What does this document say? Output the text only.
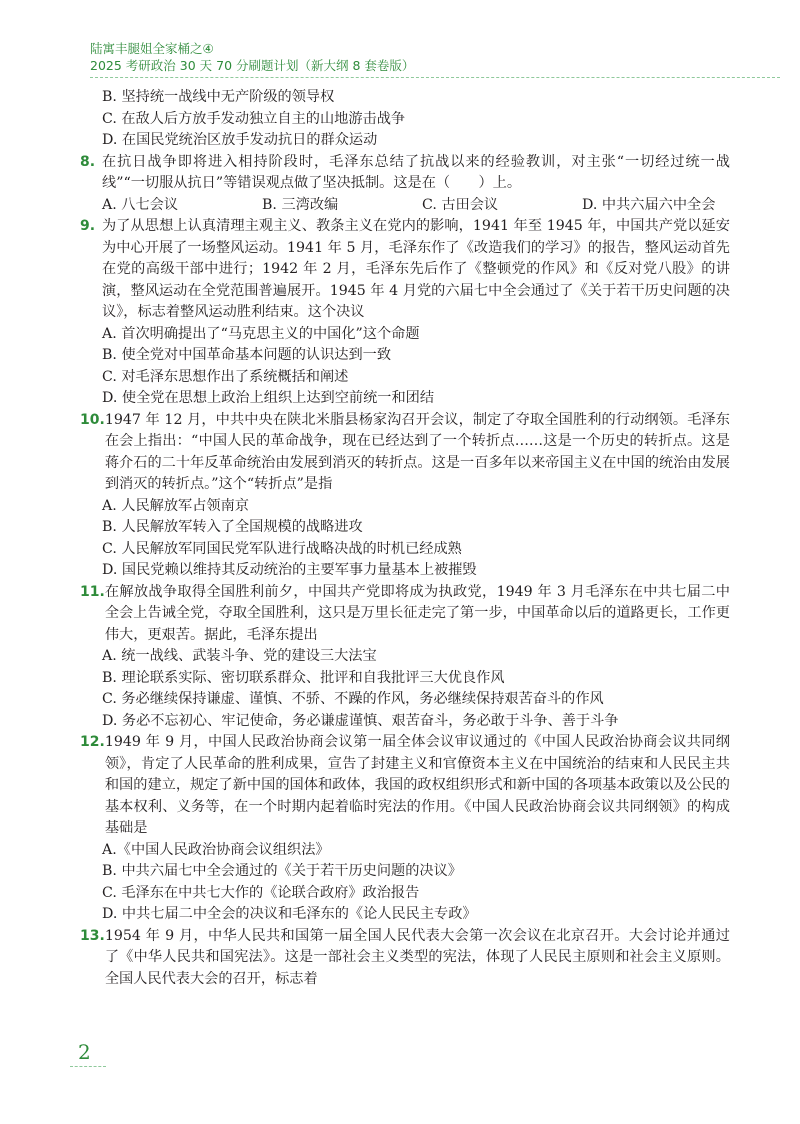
陆寓丰腿姐全家桶之④
2025 考研政治 30 天 70 分刷题计划（新大纲 8 套卷版）
B. 坚持统一战线中无产阶级的领导权
C. 在敌人后方放手发动独立自主的山地游击战争
D. 在国民党统治区放手发动抗日的群众运动
8. 在抗日战争即将进入相持阶段时，毛泽东总结了抗战以来的经验教训，对主张“一切经过统一战线”“一切服从抗日”等错误观点做了坚决抵制。这是在（　　）上。
A. 八七会议	B. 三湾改编	C. 古田会议	D. 中共六届六中全会
9. 为了从思想上认真清理主观主义、教条主义在党内的影响，1941 年至 1945 年，中国共产党以延安为中心开展了一场整风运动。1941 年 5 月，毛泽东作了《改造我们的学习》的报告，整风运动首先在党的高级干部中进行；1942 年 2 月，毛泽东先后作了《整顿党的作风》和《反对党八股》的讲演，整风运动在全党范围普遍展开。1945 年 4 月党的六届七中全会通过了《关于若干历史问题的决议》，标志着整风运动胜利结束。这个决议
A. 首次明确提出了“马克思主义的中国化”这个命题
B. 使全党对中国革命基本问题的认识达到一致
C. 对毛泽东思想作出了系统概括和阐述
D. 使全党在思想上政治上组织上达到空前统一和团结
10. 1947 年 12 月，中共中央在陕北米脂县杨家沟召开会议，制定了夺取全国胜利的行动纲领。毛泽东在会上指出：“中国人民的革命战争，现在已经达到了一个转折点……这是一个历史的转折点。这是蒋介石的二十年反革命统治由发展到消灭的转折点。这是一百多年以来帝国主义在中国的统治由发展到消灭的转折点。”这个“转折点”是指
A. 人民解放军占领南京
B. 人民解放军转入了全国规模的战略进攻
C. 人民解放军同国民党军队进行战略决战的时机已经成熟
D. 国民党赖以维持其反动统治的主要军事力量基本上被摧毁
11. 在解放战争取得全国胜利前夕，中国共产党即将成为执政党，1949 年 3 月毛泽东在中共七届二中全会上告诫全党，夺取全国胜利，这只是万里长征走完了第一步，中国革命以后的道路更长，工作更伟大，更艰苦。据此，毛泽东提出
A. 统一战线、武装斗争、党的建设三大法宝
B. 理论联系实际、密切联系群众、批评和自我批评三大优良作风
C. 务必继续保持谦虚、谨慎、不骄、不躁的作风，务必继续保持艰苦奋斗的作风
D. 务必不忘初心、牢记使命，务必谦虚谨慎、艰苦奋斗，务必敢于斗争、善于斗争
12. 1949 年 9 月，中国人民政治协商会议第一届全体会议审议通过的《中国人民政治协商会议共同纲领》，肯定了人民革命的胜利成果，宣告了封建主义和官僚资本主义在中国统治的结束和人民民主共和国的建立，规定了新中国的国体和政体，我国的政权组织形式和新中国的各项基本政策以及公民的基本权利、义务等，在一个时期内起着临时宪法的作用。《中国人民政治协商会议共同纲领》的构成基础是
A.《中国人民政治协商会议组织法》
B. 中共六届七中全会通过的《关于若干历史问题的决议》
C. 毛泽东在中共七大作的《论联合政府》政治报告
D. 中共七届二中全会的决议和毛泽东的《论人民民主专政》
13. 1954 年 9 月，中华人民共和国第一届全国人民代表大会第一次会议在北京召开。大会讨论并通过了《中华人民共和国宪法》。这是一部社会主义类型的宪法，体现了人民民主原则和社会主义原则。全国人民代表大会的召开，标志着
2
